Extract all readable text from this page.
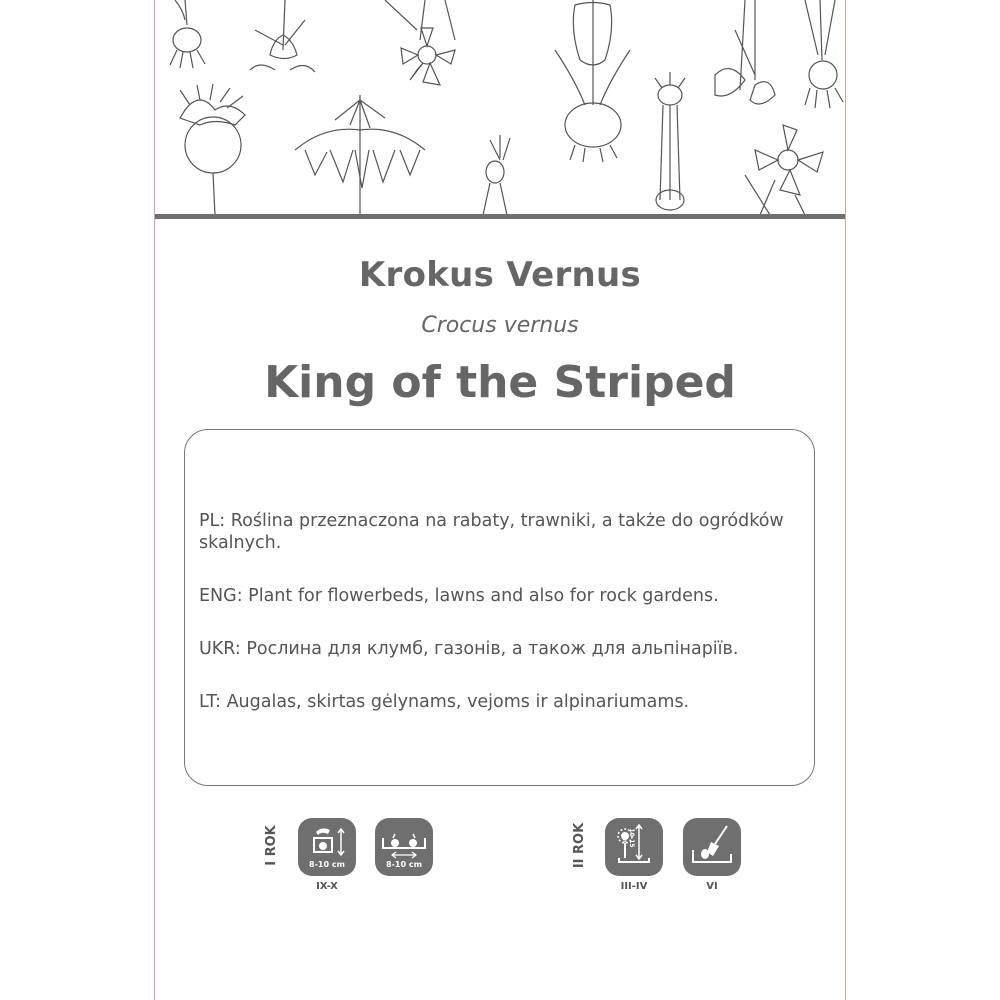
Krokus Vernus
Crocus vernus
King of the Striped
PL: Roślina przeznaczona na rabaty, trawniki, a także do ogródków skalnych.
ENG: Plant for flowerbeds, lawns and also for rock gardens.
UKR: Рослина для клумб, газонів, а також для альпінаріїв.
LT: Augalas, skirtas gėlynams, vejoms ir alpinariumams.
I ROK	8-10 cm
IX-X
8-10 cm	II ROK	10-15 cm
III-IV	VI
